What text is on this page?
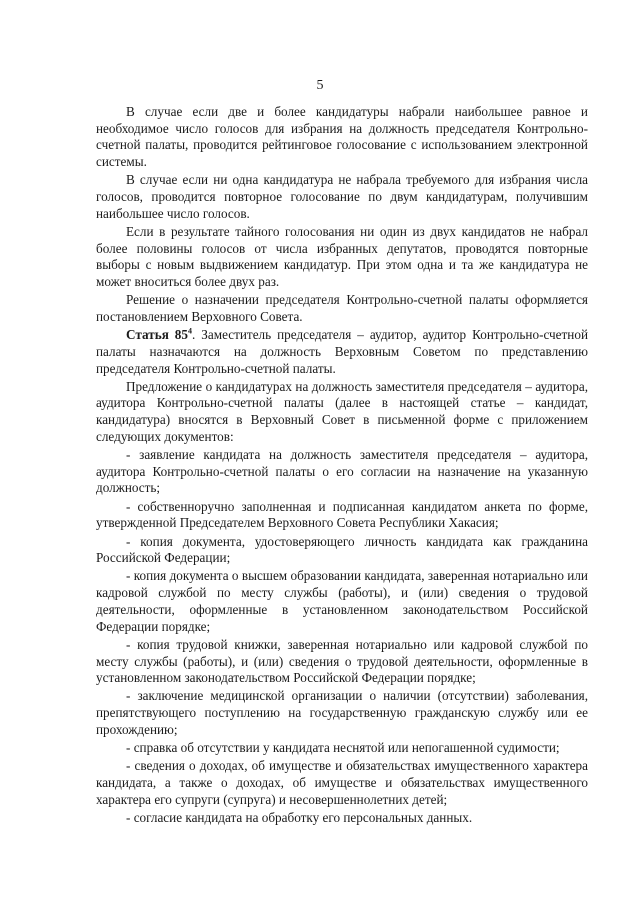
5

В случае если две и более кандидатуры набрали наибольшее равное и необходимое число голосов для избрания на должность председателя Контрольно-счетной палаты, проводится рейтинговое голосование с использованием электронной системы.

В случае если ни одна кандидатура не набрала требуемого для избрания числа голосов, проводится повторное голосование по двум кандидатурам, получившим наибольшее число голосов.

Если в результате тайного голосования ни один из двух кандидатов не набрал более половины голосов от числа избранных депутатов, проводятся повторные выборы с новым выдвижением кандидатур. При этом одна и та же кандидатура не может вноситься более двух раз.

Решение о назначении председателя Контрольно-счетной палаты оформляется постановлением Верховного Совета.

Статья $85^4$. Заместитель председателя – аудитор, аудитор Контрольно-счетной палаты назначаются на должность Верховным Советом по представлению председателя Контрольно-счетной палаты.

Предложение о кандидатурах на должность заместителя председателя – аудитора, аудитора Контрольно-счетной палаты (далее в настоящей статье – кандидат, кандидатура) вносятся в Верховный Совет в письменной форме с приложением следующих документов:

- заявление кандидата на должность заместителя председателя – аудитора, аудитора Контрольно-счетной палаты о его согласии на назначение на указанную должность;

- собственноручно заполненная и подписанная кандидатом анкета по форме, утвержденной Председателем Верховного Совета Республики Хакасия;

- копия документа, удостоверяющего личность кандидата как гражданина Российской Федерации;

- копия документа о высшем образовании кандидата, заверенная нотариально или кадровой службой по месту службы (работы), и (или) сведения о трудовой деятельности, оформленные в установленном законодательством Российской Федерации порядке;

- копия трудовой книжки, заверенная нотариально или кадровой службой по месту службы (работы), и (или) сведения о трудовой деятельности, оформленные в установленном законодательством Российской Федерации порядке;

- заключение медицинской организации о наличии (отсутствии) заболевания, препятствующего поступлению на государственную гражданскую службу или ее прохождению;

- справка об отсутствии у кандидата неснятой или непогашенной судимости;

- сведения о доходах, об имуществе и обязательствах имущественного характера кандидата, а также о доходах, об имуществе и обязательствах имущественного характера его супруги (супруга) и несовершеннолетних детей;

- согласие кандидата на обработку его персональных данных.
